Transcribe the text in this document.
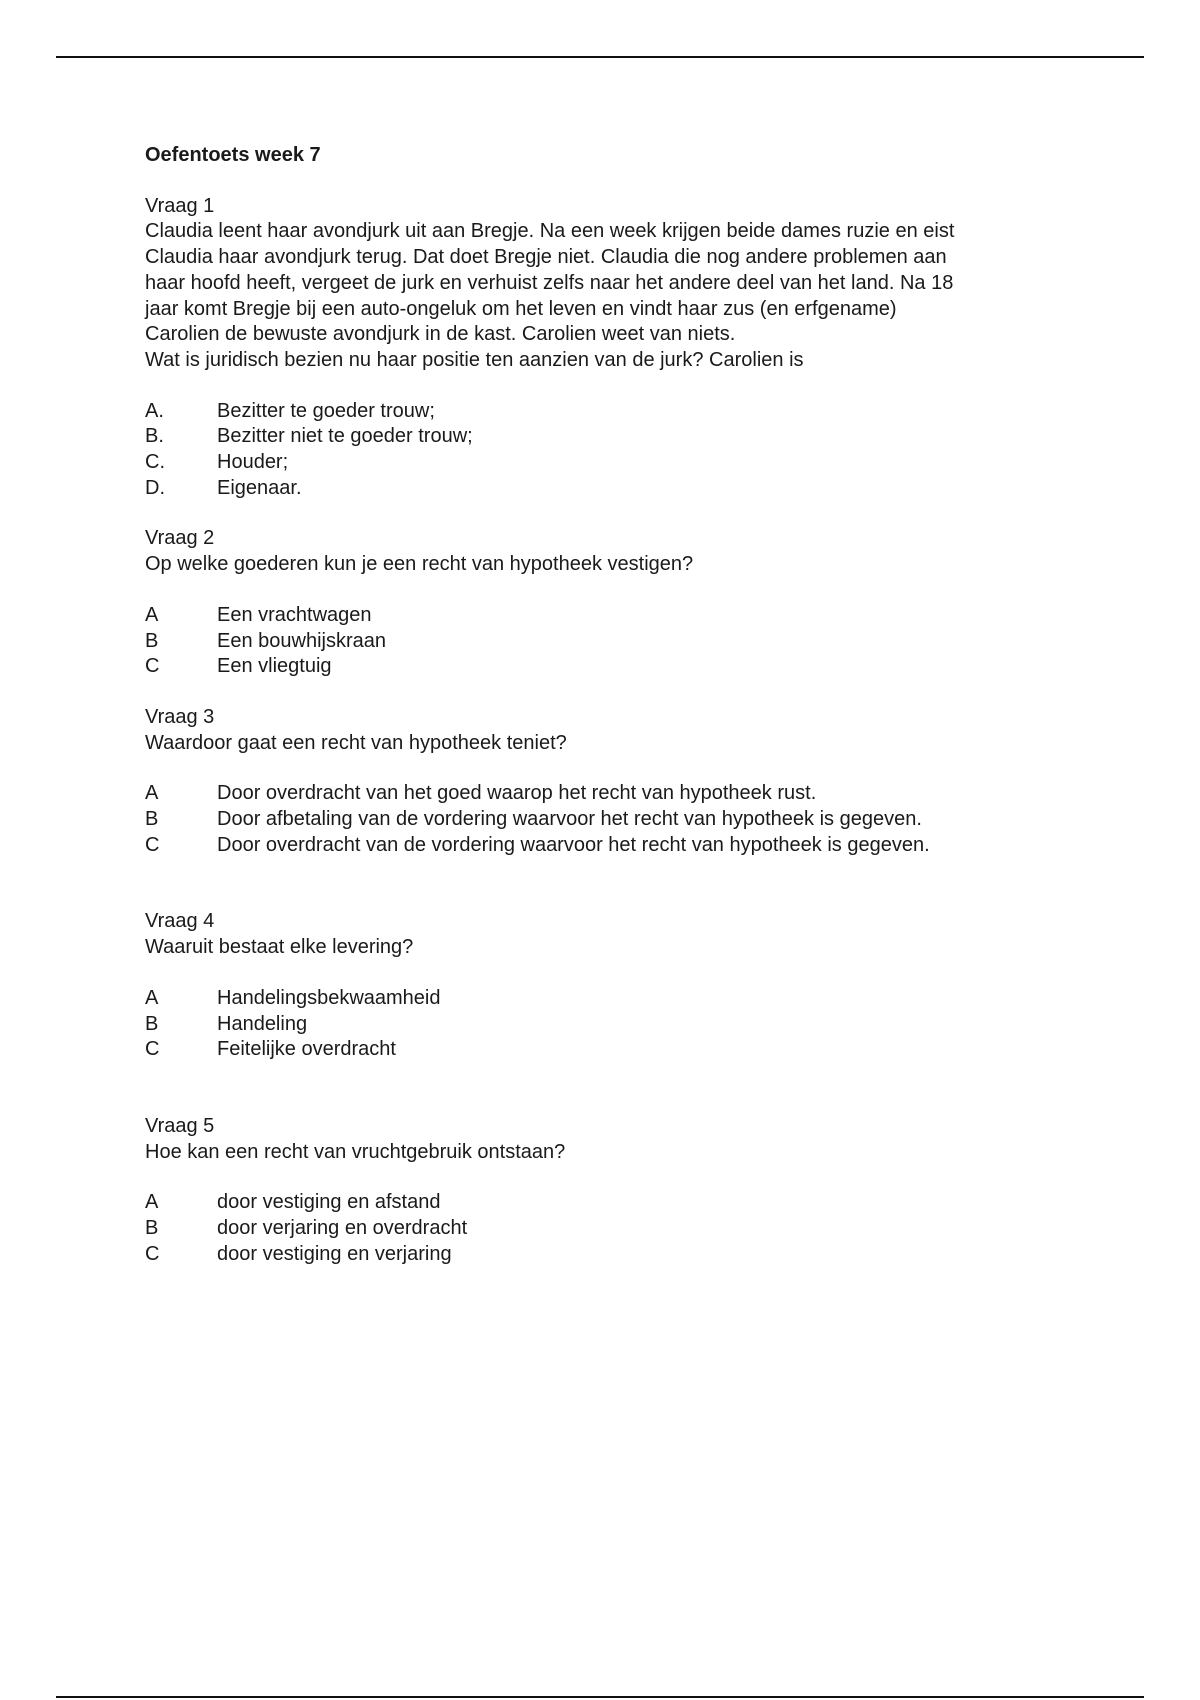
Oefentoets week 7
Vraag 1
Claudia leent haar avondjurk uit aan Bregje. Na een week krijgen beide dames ruzie en eist
Claudia haar avondjurk terug. Dat doet Bregje niet. Claudia die nog andere problemen aan
haar hoofd heeft, vergeet de jurk en verhuist zelfs naar het andere deel van het land. Na 18
jaar komt Bregje bij een auto-ongeluk om het leven en vindt haar zus (en erfgename)
Carolien de bewuste avondjurk in de kast. Carolien weet van niets.
Wat is juridisch bezien nu haar positie ten aanzien van de jurk? Carolien is
A.	Bezitter te goeder trouw;
B.	Bezitter niet te goeder trouw;
C.	Houder;
D.	Eigenaar.
Vraag 2
Op welke goederen kun je een recht van hypotheek vestigen?
A	Een vrachtwagen
B	Een bouwhijskraan
C	Een vliegtuig
Vraag 3
Waardoor gaat een recht van hypotheek teniet?
A	Door overdracht van het goed waarop het recht van hypotheek rust.
B	Door afbetaling van de vordering waarvoor het recht van hypotheek is gegeven.
C	Door overdracht van de vordering waarvoor het recht van hypotheek is gegeven.
Vraag 4
Waaruit bestaat elke levering?
A	Handelingsbekwaamheid
B	Handeling
C	Feitelijke overdracht
Vraag 5
Hoe kan een recht van vruchtgebruik ontstaan?
A	door vestiging en afstand
B	door verjaring en overdracht
C	door vestiging en verjaring
